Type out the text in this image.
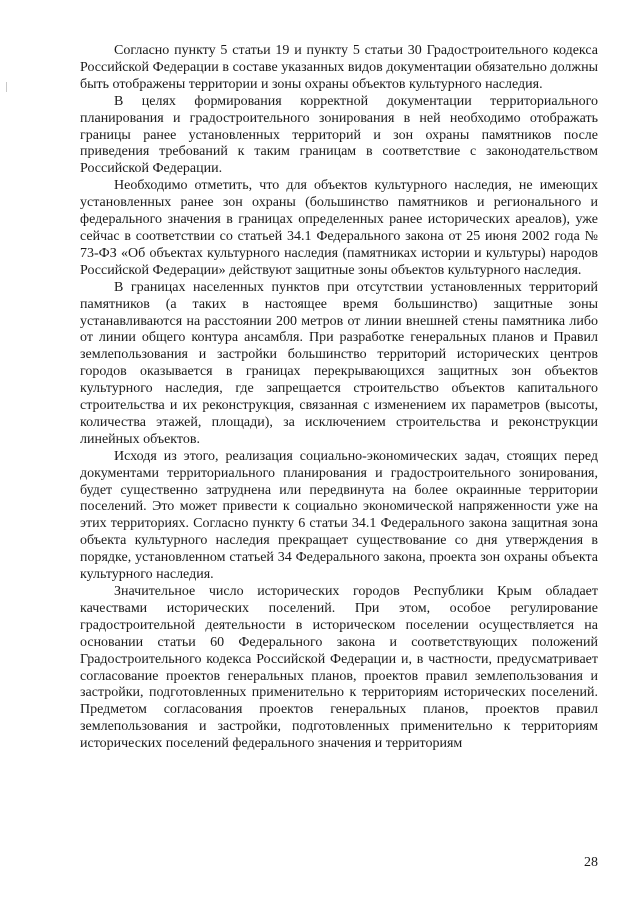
Согласно пункту 5 статьи 19 и пункту 5 статьи 30 Градостроительного кодекса Российской Федерации в составе указанных видов документации обязательно должны быть отображены территории и зоны охраны объектов культурного наследия.

В целях формирования корректной документации территориального планирования и градостроительного зонирования в ней необходимо отображать границы ранее установленных территорий и зон охраны памятников после приведения требований к таким границам в соответствие с законодательством Российской Федерации.

Необходимо отметить, что для объектов культурного наследия, не имеющих установленных ранее зон охраны (большинство памятников и регионального и федерального значения в границах определенных ранее исторических ареалов), уже сейчас в соответствии со статьей 34.1 Федерального закона от 25 июня 2002 года № 73-ФЗ «Об объектах культурного наследия (памятниках истории и культуры) народов Российской Федерации» действуют защитные зоны объектов культурного наследия.

В границах населенных пунктов при отсутствии установленных территорий памятников (а таких в настоящее время большинство) защитные зоны устанавливаются на расстоянии 200 метров от линии внешней стены памятника либо от линии общего контура ансамбля. При разработке генеральных планов и Правил землепользования и застройки большинство территорий исторических центров городов оказывается в границах перекрывающихся защитных зон объектов культурного наследия, где запрещается строительство объектов капитального строительства и их реконструкция, связанная с изменением их параметров (высоты, количества этажей, площади), за исключением строительства и реконструкции линейных объектов.

Исходя из этого, реализация социально-экономических задач, стоящих перед документами территориального планирования и градостроительного зонирования, будет существенно затруднена или передвинута на более окраинные территории поселений. Это может привести к социально экономической напряженности уже на этих территориях. Согласно пункту 6 статьи 34.1 Федерального закона защитная зона объекта культурного наследия прекращает существование со дня утверждения в порядке, установленном статьей 34 Федерального закона, проекта зон охраны объекта культурного наследия.

Значительное число исторических городов Республики Крым обладает качествами исторических поселений. При этом, особое регулирование градостроительной деятельности в историческом поселении осуществляется на основании статьи 60 Федерального закона и соответствующих положений Градостроительного кодекса Российской Федерации и, в частности, предусматривает согласование проектов генеральных планов, проектов правил землепользования и застройки, подготовленных применительно к территориям исторических поселений. Предметом согласования проектов генеральных планов, проектов правил землепользования и застройки, подготовленных применительно к территориям исторических поселений федерального значения и территориям

28
